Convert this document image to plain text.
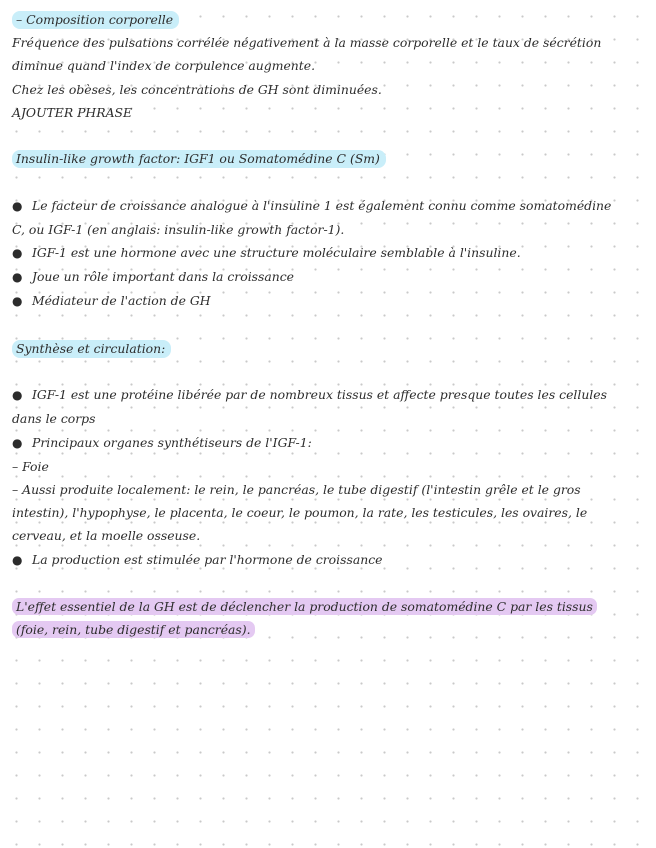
– Composition corporelle
Fréquence des pulsations corrélée négativement à la masse corporelle et le taux de sécrétion
diminue quand l'index de corpulence augmente.
Chez les obèses, les concentrations de GH sont diminuées.
AJOUTER PHRASE
Insulin-like growth factor: IGF1 ou Somatomédine C (Sm)
● Le facteur de croissance analogue à l'insuline 1 est également connu comme somatomédine
C, ou IGF-1 (en anglais: insulin-like growth factor-1).
● IGF-1 est une hormone avec une structure moléculaire semblable à l'insuline.
● Joue un rôle important dans la croissance
● Médiateur de l'action de GH
Synthèse et circulation:
● IGF-1 est une protéine libérée par de nombreux tissus et affecte presque toutes les cellules
dans le corps
● Principaux organes synthétiseurs de l'IGF-1:
– Foie
– Aussi produite localement: le rein, le pancréas, le tube digestif (l'intestin grêle et le gros
intestin), l'hypophyse, le placenta, le coeur, le poumon, la rate, les testicules, les ovaires, le
cerveau, et la moelle osseuse.
● La production est stimulée par l'hormone de croissance
L'effet essentiel de la GH est de déclencher la production de somatomédine C par les tissus
(foie, rein, tube digestif et pancréas).
